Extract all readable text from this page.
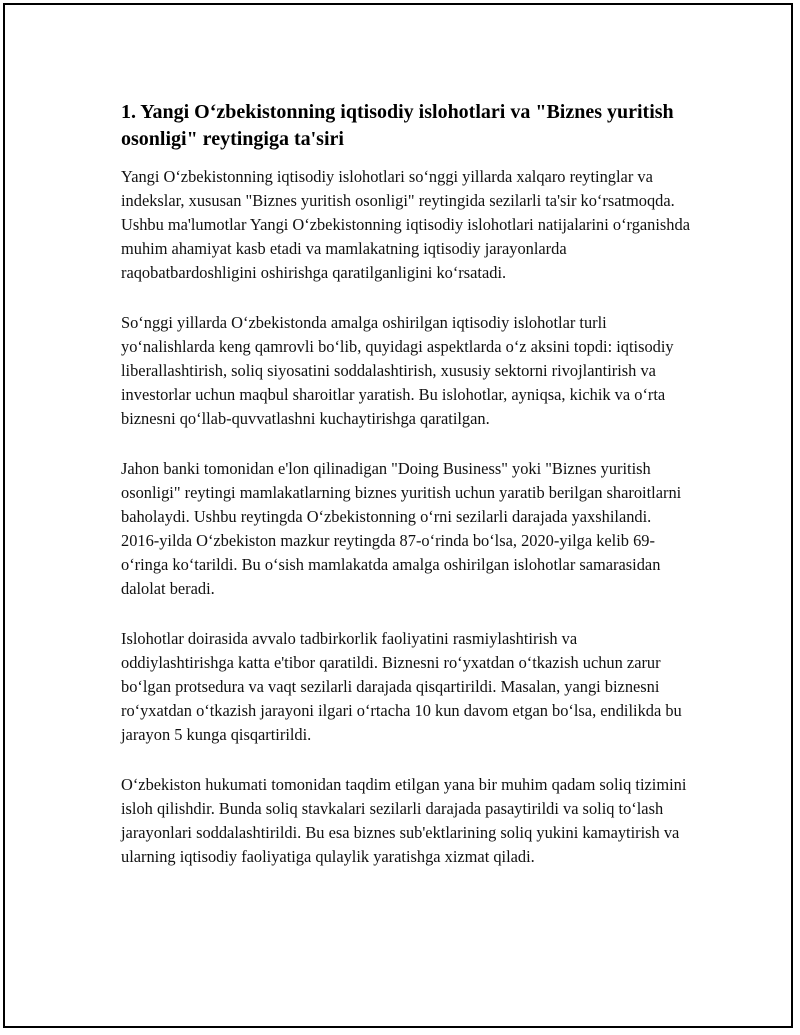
1. Yangi O‘zbekistonning iqtisodiy islohotlari va "Biznes yuritish osonligi" reytingiga ta'siri

Yangi O‘zbekistonning iqtisodiy islohotlari so‘nggi yillarda xalqaro reytinglar va indekslar, xususan "Biznes yuritish osonligi" reytingida sezilarli ta'sir ko‘rsatmoqda. Ushbu ma'lumotlar Yangi O‘zbekistonning iqtisodiy islohotlari natijalarini o‘rganishda muhim ahamiyat kasb etadi va mamlakatning iqtisodiy jarayonlarda raqobatbardoshligini oshirishga qaratilganligini ko‘rsatadi.

So‘nggi yillarda O‘zbekistonda amalga oshirilgan iqtisodiy islohotlar turli yo‘nalishlarda keng qamrovli bo‘lib, quyidagi aspektlarda o‘z aksini topdi: iqtisodiy liberallashtirish, soliq siyosatini soddalashtirish, xususiy sektorni rivojlantirish va investorlar uchun maqbul sharoitlar yaratish. Bu islohotlar, ayniqsa, kichik va o‘rta biznesni qo‘llab-quvvatlashni kuchaytirishga qaratilgan.

Jahon banki tomonidan e'lon qilinadigan "Doing Business" yoki "Biznes yuritish osonligi" reytingi mamlakatlarning biznes yuritish uchun yaratib berilgan sharoitlarni baholaydi. Ushbu reytingda O‘zbekistonning o‘rni sezilarli darajada yaxshilandi. 2016-yilda O‘zbekiston mazkur reytingda 87-o‘rinda bo‘lsa, 2020-yilga kelib 69-o‘ringa ko‘tarildi. Bu o‘sish mamlakatda amalga oshirilgan islohotlar samarasidan dalolat beradi.

Islohotlar doirasida avvalo tadbirkorlik faoliyatini rasmiylashtirish va oddiylashtirishga katta e'tibor qaratildi. Biznesni ro‘yxatdan o‘tkazish uchun zarur bo‘lgan protsedura va vaqt sezilarli darajada qisqartirildi. Masalan, yangi biznesni ro‘yxatdan o‘tkazish jarayoni ilgari o‘rtacha 10 kun davom etgan bo‘lsa, endilikda bu jarayon 5 kunga qisqartirildi.

O‘zbekiston hukumati tomonidan taqdim etilgan yana bir muhim qadam soliq tizimini isloh qilishdir. Bunda soliq stavkalari sezilarli darajada pasaytirildi va soliq to‘lash jarayonlari soddalashtirildi. Bu esa biznes sub'ektlarining soliq yukini kamaytirish va ularning iqtisodiy faoliyatiga qulaylik yaratishga xizmat qiladi.
